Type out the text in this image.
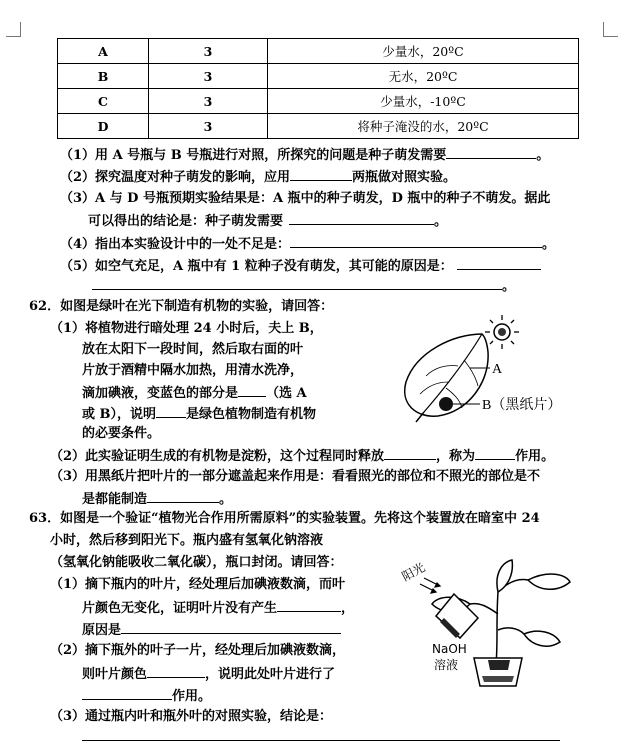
A	3	少量水，20ºC
B	3	无水，20ºC
C	3	少量水，-10ºC
D	3	将种子淹没的水，20ºC
（1）用 A 号瓶与 B 号瓶进行对照，所探究的问题是种子萌发需要	。
（2）探究温度对种子萌发的影响，应用	两瓶做对照实验。
（3）A 与 D 号瓶预期实验结果是：A 瓶中的种子萌发，D 瓶中的种子不萌发。据此
可以得出的结论是：种子萌发需要	。
（4）指出本实验设计中的一处不足是：	。
（5）如空气充足，A 瓶中有 1 粒种子没有萌发，其可能的原因是：
。
62．如图是绿叶在光下制造有机物的实验，请回答：
（1）将植物进行暗处理 24 小时后，夫上 B，
放在太阳下一段时间，然后取右面的叶
片放于酒精中隔水加热，用清水洗净，
滴加碘液，变蓝色的部分是 （选 A
或 B），说明 是绿色植物制造有机物
的必要条件。
（2）此实验证明生成的有机物是淀粉，这个过程同时释放	，称为	作用。
（3）用黑纸片把叶片的一部分遮盖起来作用是：看看照光的部位和不照光的部位是不
是都能制造	。
A
B（黑纸片）
63．如图是一个验证“植物光合作用所需原料”的实验装置。先将这个装置放在暗室中 24
小时，然后移到阳光下。瓶内盛有氢氧化钠溶液
（氢氧化钠能吸收二氧化碳），瓶口封闭。请回答：
（1）摘下瓶内的叶片，经处理后加碘液数滴，而叶
片颜色无变化，证明叶片没有产生	，
原因是
（2）摘下瓶外的叶子一片，经处理后加碘液数滴，
则叶片颜色	，说明此处叶片进行了
作用。
（3）通过瓶内叶和瓶外叶的对照实验，结论是：
阳光
NaOH
溶液
